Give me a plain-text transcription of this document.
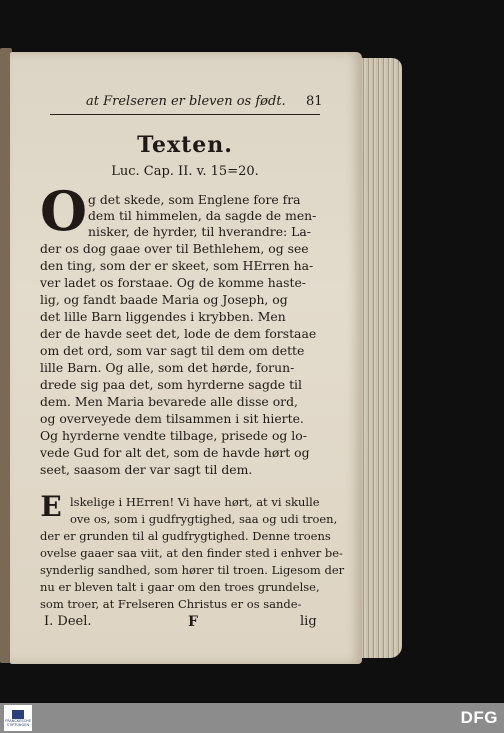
at Frelseren er bleven os født.	81
Texten.
Luc. Cap. II. v. 15=20.
O g det skede, som Englene fore fra
dem til himmelen, da sagde de men-
nisker, de hyrder, til hverandre: La-
der os dog gaae over til Bethlehem, og see
den ting, som der er skeet, som HErren ha-
ver ladet os forstaae. Og de komme haste-
lig, og fandt baade Maria og Joseph, og
det lille Barn liggendes i krybben. Men
der de havde seet det, lode de dem forstaae
om det ord, som var sagt til dem om dette
lille Barn. Og alle, som det hørde, forun-
drede sig paa det, som hyrderne sagde til
dem. Men Maria bevarede alle disse ord,
og overveyede dem tilsammen i sit hierte.
Og hyrderne vendte tilbage, prisede og lo-
vede Gud for alt det, som de havde hørt og
seet, saasom der var sagt til dem.
E lskelige i HErren! Vi have hørt, at vi skulle
ove os, som i gudfrygtighed, saa og udi troen,
der er grunden til al gudfrygtighed. Denne troens
ovelse gaaer saa viit, at den finder sted i enhver be-
synderlig sandhed, som hører til troen. Ligesom der
nu er bleven talt i gaar om den troes grundelse,
som troer, at Frelseren Christus er os sande-
I. Deel.	F	lig
FRANCKESCHE STIFTUNGEN	DFG
